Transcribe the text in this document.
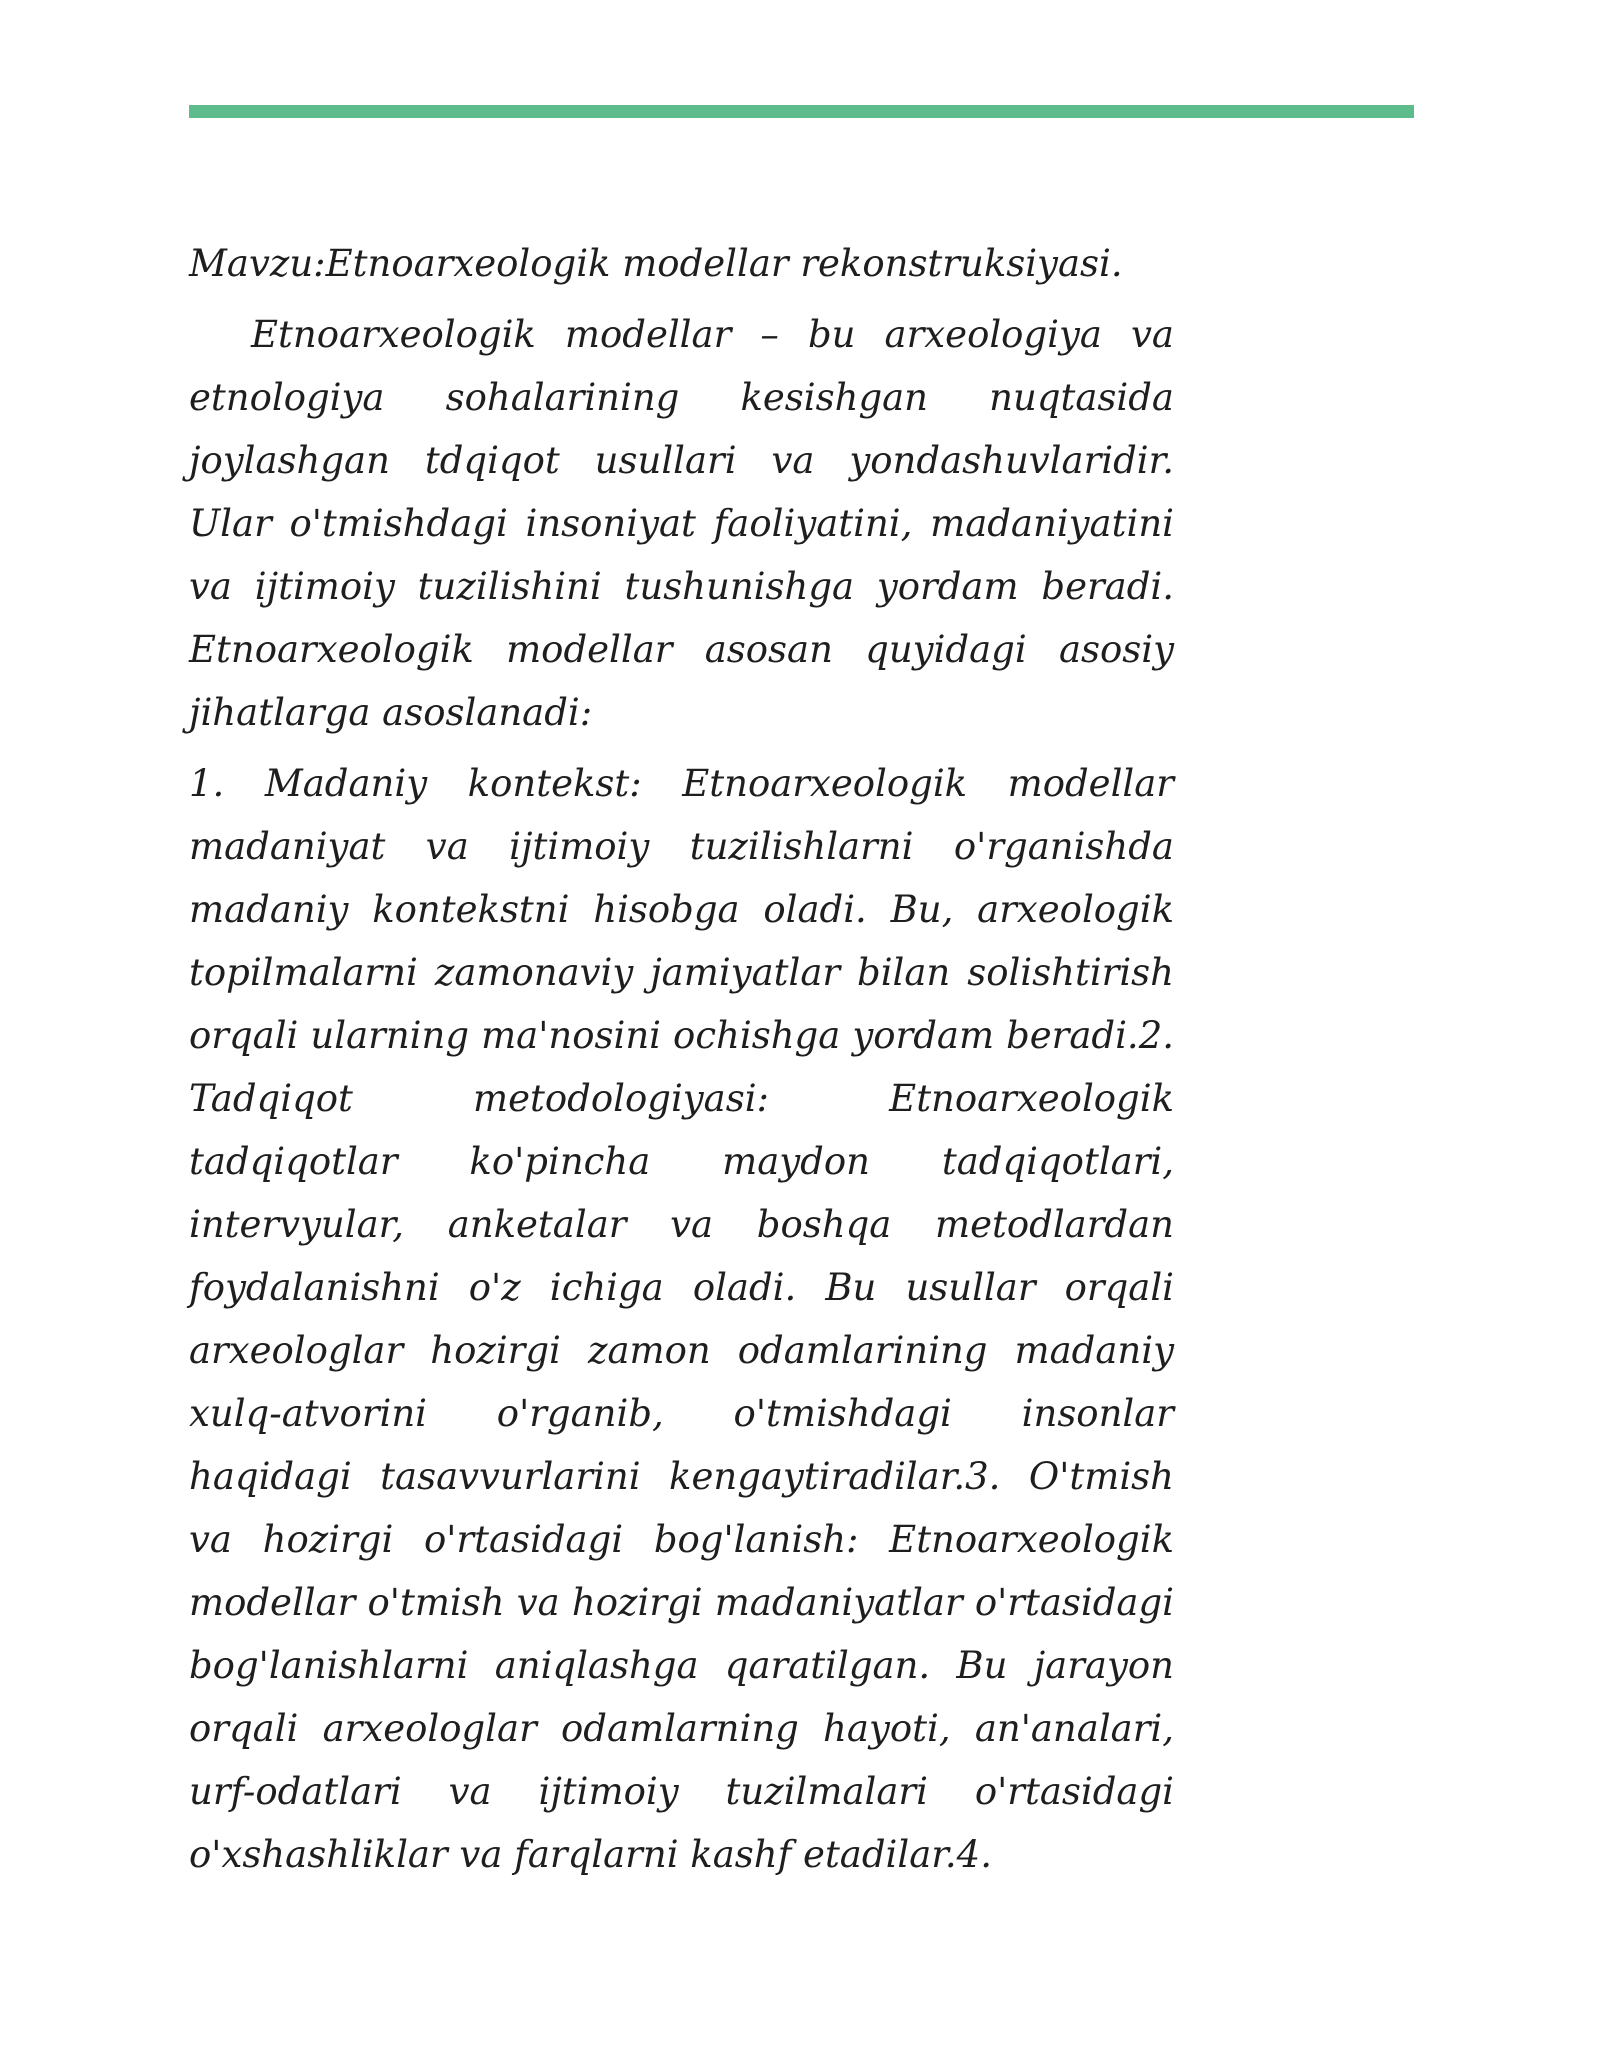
Mavzu:Etnoarxeologik modellar rekonstruksiyasi.

Etnoarxeologik modellar – bu arxeologiya va etnologiya sohalarining kesishgan nuqtasida joylashgan tdqiqot usullari va yondashuvlaridir. Ular o'tmishdagi insoniyat faoliyatini, madaniyatini va ijtimoiy tuzilishini tushunishga yordam beradi. Etnoarxeologik modellar asosan quyidagi asosiy jihatlarga asoslanadi:

1. Madaniy kontekst: Etnoarxeologik modellar madaniyat va ijtimoiy tuzilishlarni o'rganishda madaniy kontekstni hisobga oladi. Bu, arxeologik topilmalarni zamonaviy jamiyatlar bilan solishtirish orqali ularning ma'nosini ochishga yordam beradi.2. Tadqiqot metodologiyasi: Etnoarxeologik tadqiqotlar ko'pincha maydon tadqiqotlari, intervyular, anketalar va boshqa metodlardan foydalanishni o'z ichiga oladi. Bu usullar orqali arxeologlar hozirgi zamon odamlarining madaniy xulq-atvorini o'rganib, o'tmishdagi insonlar haqidagi tasavvurlarini kengaytiradilar.3. O'tmish va hozirgi o'rtasidagi bog'lanish: Etnoarxeologik modellar o'tmish va hozirgi madaniyatlar o'rtasidagi bog'lanishlarni aniqlashga qaratilgan. Bu jarayon orqali arxeologlar odamlarning hayoti, an'analari, urf-odatlari va ijtimoiy tuzilmalari o'rtasidagi o'xshashliklar va farqlarni kashf etadilar.4.
